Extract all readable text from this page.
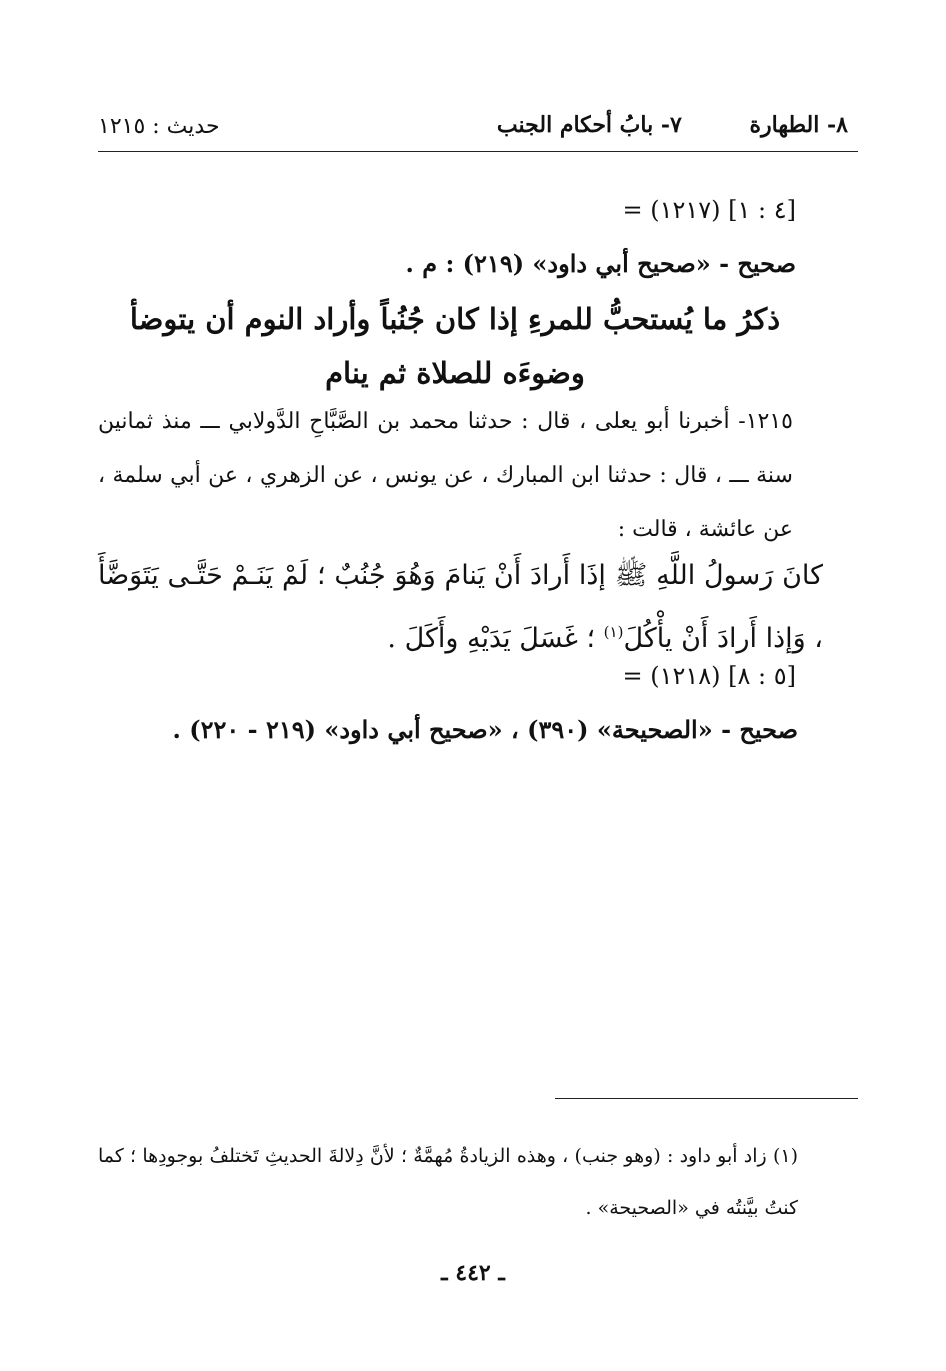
٨- الطهارة ٧- بابُ أحكام الجنب
حديث : ١٢١٥
= (١٢١٧) [٤ : ١]
صحيح - «صحيح أبي داود» (٢١٩) : م .
ذكرُ ما يُستحبُّ للمرءِ إذا كان جُنُباً وأراد النوم أن يتوضأ
وضوءَه للصلاة ثم ينام
١٢١٥- أخبرنا أبو يعلى ، قال : حدثنا محمد بن الصَّبَّاحِ الدَّولابي ـــ منذ ثمانين سنة ـــ ، قال : حدثنا ابن المبارك ، عن يونس ، عن الزهري ، عن أبي سلمة ، عن عائشة ، قالت :
كانَ رَسولُ اللَّهِ ﷺ إذَا أَرادَ أَنْ يَنامَ وَهُوَ جُنُبٌ ؛ لَمْ يَنَـمْ حَتَّـى يَتَوَضَّأَ ، وَإذا أَرادَ أَنْ يأْكُلَ$^{(١)}$ ؛ غَسَلَ يَدَيْهِ وأَكَلَ .
= (١٢١٨) [٥ : ٨]
صحيح - «الصحيحة» (٣٩٠) ، «صحيح أبي داود» (٢١٩ - ٢٢٠) .
(١) زاد أبو داود : (وهو جنب) ، وهذه الزيادةُ مُهمَّةٌ ؛ لأنَّ دِلالةَ الحديثِ تَختلفُ بوجودِها ؛ كما كنتُ بيَّنتُه في «الصحيحة» .
ـ ٤٤٢ ـ
